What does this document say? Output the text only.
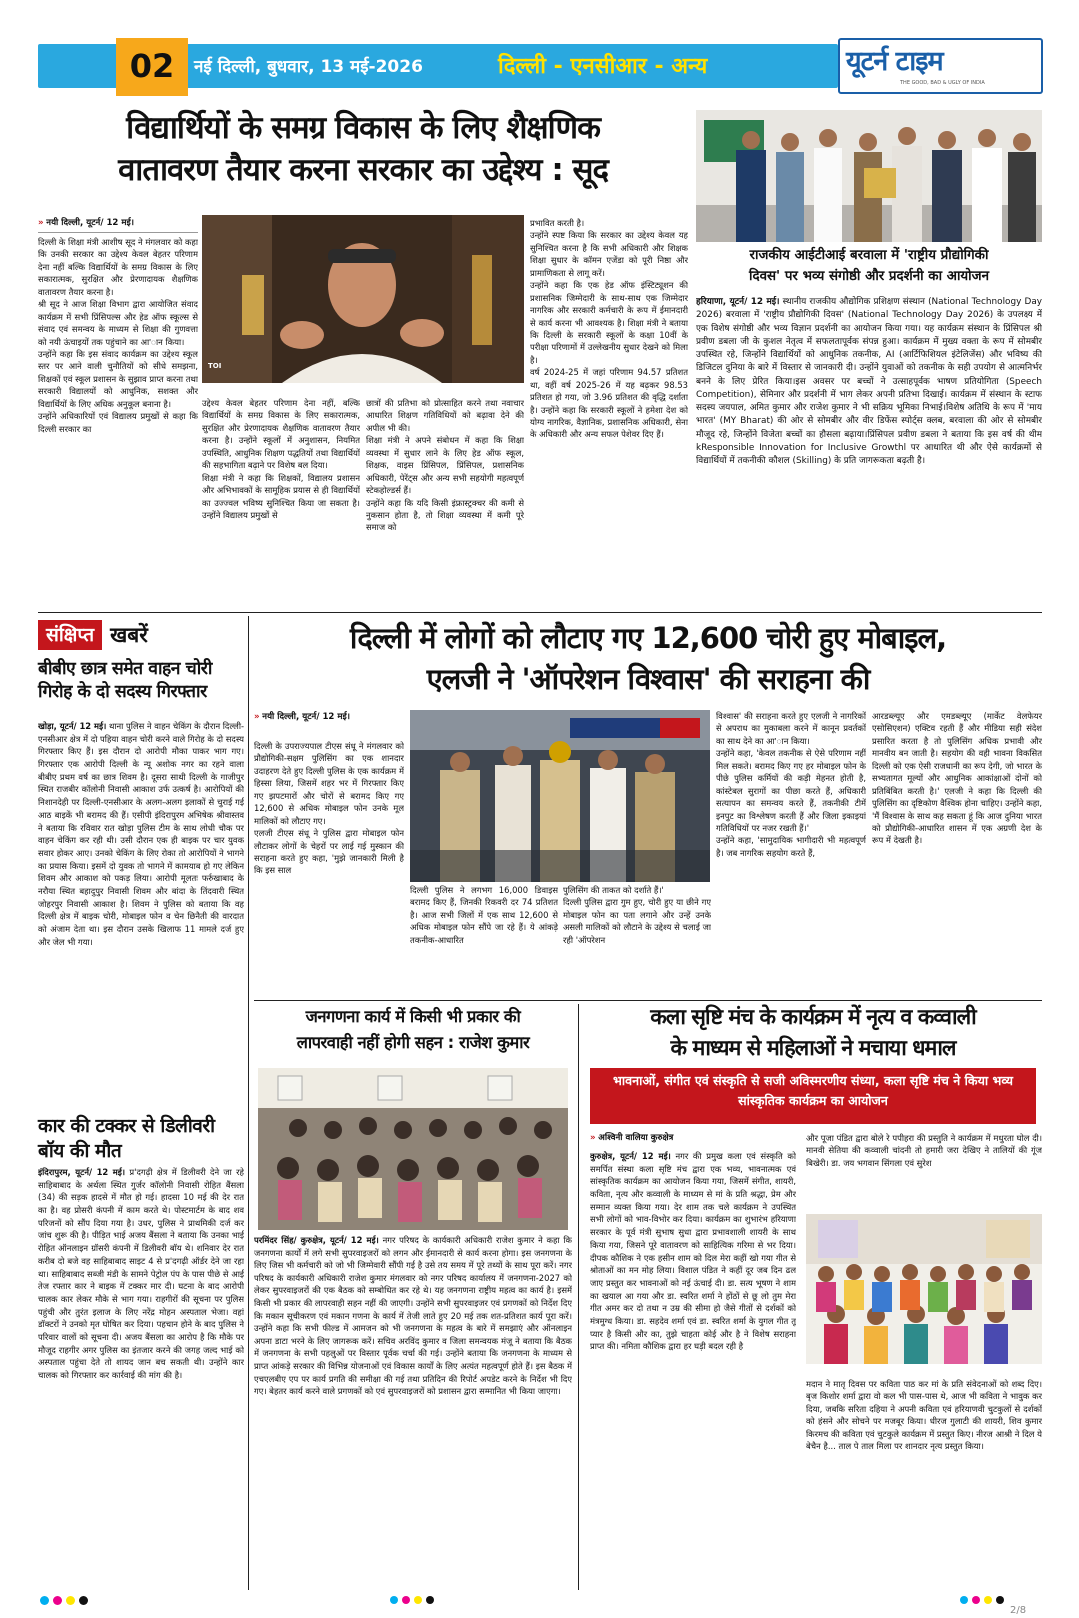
02 नई दिल्ली, बुधवार, 13 मई-2026	दिल्ली - एनसीआर - अन्य	यूटर्न टाइम
THE GOOD, BAD & UGLY OF INDIA
विद्यार्थियों के समग्र विकास के लिए शैक्षणिक
वातावरण तैयार करना सरकार का उद्देश्य : सूद
» नयी दिल्ली, यूटर्न/ 12 मई।
दिल्ली के शिक्षा मंत्री आशीष सूद ने मंगलवार को कहा कि उनकी सरकार का उद्देश्य केवल बेहतर परिणाम देना नहीं बल्कि विद्यार्थियों के समग्र विकास के लिए सकारात्मक, सुरक्षित और प्रेरणादायक शैक्षणिक वातावरण तैयार करना है।
श्री सूद ने आज शिक्षा विभाग द्वारा आयोजित संवाद कार्यक्रम में सभी प्रिंसिपल्स और हेड ऑफ स्कूल्स से संवाद एवं समन्वय के माध्यम से शिक्षा की गुणवत्ता को नयी ऊंचाइयों तक पहुंचाने का आ'ान किया।
उन्होंने कहा कि इस संवाद कार्यक्रम का उद्देश्य स्कूल स्तर पर आने वाली चुनौतियों को सीधे समझना, शिक्षकों एवं स्कूल प्रशासन के सुझाव प्राप्त करना तथा सरकारी विद्यालयों को आधुनिक, सशक्त और विद्यार्थियों के लिए अधिक अनुकूल बनाना है।
उन्होंने अधिकारियों एवं विद्यालय प्रमुखों से कहा कि दिल्ली सरकार का
TOI
उद्देश्य केवल बेहतर परिणाम देना नहीं, बल्कि विद्यार्थियों के समग्र विकास के लिए सकारात्मक, सुरक्षित और प्रेरणादायक शैक्षणिक वातावरण तैयार करना है। उन्होंने स्कूलों में अनुशासन, नियमित उपस्थिति, आधुनिक शिक्षण पद्धतियों तथा विद्यार्थियों की सहभागिता बढ़ाने पर विशेष बल दिया।
शिक्षा मंत्री ने कहा कि शिक्षकों, विद्यालय प्रशासन और अभिभावकों के सामूहिक प्रयास से ही विद्यार्थियों का उज्ज्वल भविष्य सुनिश्चित किया जा सकता है। उन्होंने विद्यालय प्रमुखों से
छात्रों की प्रतिभा को प्रोत्साहित करने तथा नवाचार आधारित शिक्षण गतिविधियों को बढ़ावा देने की अपील भी की।
शिक्षा मंत्री ने अपने संबोधन में कहा कि शिक्षा व्यवस्था में सुधार लाने के लिए हेड ऑफ स्कूल, शिक्षक, वाइस प्रिंसिपल, प्रिंसिपल, प्रशासनिक अधिकारी, पेरेंट्स और अन्य सभी सहयोगी महत्वपूर्ण स्टेकहोल्डर्स हैं।
उन्होंने कहा कि यदि किसी इंफ्रास्ट्रक्चर की कमी से नुकसान होता है, तो शिक्षा व्यवस्था में कमी पूरे समाज को
प्रभावित करती है।
उन्होंने स्पष्ट किया कि सरकार का उद्देश्य केवल यह सुनिश्चित करना है कि सभी अधिकारी और शिक्षक शिक्षा सुधार के कॉमन एजेंडा को पूरी निष्ठा और प्रामाणिकता से लागू करें।
उन्होंने कहा कि एक हेड ऑफ इंस्टिट्यूशन की प्रशासनिक जिम्मेदारी के साथ-साथ एक जिम्मेदार नागरिक और सरकारी कर्मचारी के रूप में ईमानदारी से कार्य करना भी आवश्यक है। शिक्षा मंत्री ने बताया कि दिल्ली के सरकारी स्कूलों के कक्षा 10वीं के परीक्षा परिणामों में उल्लेखनीय सुधार देखने को मिला है।
वर्ष 2024-25 में जहां परिणाम 94.57 प्रतिशत था, वहीं वर्ष 2025-26 में यह बढ़कर 98.53 प्रतिशत हो गया, जो 3.96 प्रतिशत की वृद्धि दर्शाता है। उन्होंने कहा कि सरकारी स्कूलों ने हमेशा देश को योग्य नागरिक, वैज्ञानिक, प्रशासनिक अधिकारी, सेना के अधिकारी और अन्य सफल पेशेवर दिए हैं।
राजकीय आईटीआई बरवाला में 'राष्ट्रीय प्रौद्योगिकी
दिवस' पर भव्य संगोष्ठी और प्रदर्शनी का आयोजन
हरियाणा, यूटर्न/ 12 मई। स्थानीय राजकीय औद्योगिक प्रशिक्षण संस्थान (National Technology Day 2026) बरवाला में 'राष्ट्रीय प्रौद्योगिकी दिवस' (National Technology Day 2026) के उपलक्ष्य में एक विशेष संगोष्ठी और भव्य विज्ञान प्रदर्शनी का आयोजन किया गया। यह कार्यक्रम संस्थान के प्रिंसिपल श्री प्रवीण डबला जी के कुशल नेतृत्व में सफलतापूर्वक संपन्न हुआ। कार्यक्रम में मुख्य वक्ता के रूप में सोमबीर उपस्थित रहे, जिन्होंने विद्यार्थियों को आधुनिक तकनीक, AI (आर्टिफिशियल इंटेलिजेंस) और भविष्य की डिजिटल दुनिया के बारे में विस्तार से जानकारी दी। उन्होंने युवाओं को तकनीक के सही उपयोग से आत्मनिर्भर बनने के लिए प्रेरित किया।इस अवसर पर बच्चों ने उत्साहपूर्वक भाषण प्रतियोगिता (Speech Competition), सेमिनार और प्रदर्शनी में भाग लेकर अपनी प्रतिभा दिखाई। कार्यक्रम में संस्थान के स्टाफ सदस्य जयपाल, अमित कुमार और राजेश कुमार ने भी सक्रिय भूमिका निभाई।विशेष अतिथि के रूप में 'माय भारत' (MY Bharat) की ओर से सोमबीर और वीर डिफेंस स्पोर्ट्स क्लब, बरवाला की ओर से सोमबीर मौजूद रहे, जिन्होंने विजेता बच्चों का हौसला बढ़ाया।प्रिंसिपल प्रवीण डबला ने बताया कि इस वर्ष की थीम kResponsible Innovation for Inclusive Growthl पर आधारित थी और ऐसे कार्यक्रमों से विद्यार्थियों में तकनीकी कौशल (Skilling) के प्रति जागरूकता बढ़ती है।
संक्षिप्त खबरें
बीबीए छात्र समेत वाहन चोरी गिरोह के दो सदस्य गिरफ्तार
खोड़ा, यूटर्न/ 12 मई। थाना पुलिस ने वाहन चेकिंग के दौरान दिल्ली-एनसीआर क्षेत्र में दो पहिया वाहन चोरी करने वाले गिरोह के दो सदस्य गिरफ्तार किए हैं। इस दौरान दो आरोपी मौका पाकर भाग गए। गिरफ्तार एक आरोपी दिल्ली के न्यू अशोक नगर का रहने वाला बीबीए प्रथम वर्ष का छात्र शिवम है। दूसरा साथी दिल्ली के गाजीपुर स्थित राजबीर कॉलोनी निवासी आकाश उर्फ उत्कर्ष है। आरोपियों की निशानदेही पर दिल्ली-एनसीआर के अलग-अलग इलाकों से चुराई गई आठ बाइकें भी बरामद की हैं। एसीपी इंदिरापुरम अभिषेक श्रीवास्तव ने बताया कि रविवार रात खोड़ा पुलिस टीम के साथ लोधी चौक पर वाहन चेकिंग कर रही थी। उसी दौरान एक ही बाइक पर चार युवक सवार होकर आए। उनको चेकिंग के लिए रोका तो आरोपियों ने भागने का प्रयास किया। इसमें दो युवक तो भागने में कामयाब हो गए लेकिन शिवम और आकाश को पकड़ लिया। आरोपी मूलतः फर्रुखाबाद के नरौया स्थित बहादुपुर निवासी शिवम और बांदा के तिंदवारी स्थित जोहरपुर निवासी आकाश है। शिवम ने पुलिस को बताया कि वह दिल्ली क्षेत्र में बाइक चोरी, मोबाइल फोन व चेन छिनैती की वारदात को अंजाम देता था। इस दौरान उसके खिलाफ 11 मामले दर्ज हुए और जेल भी गया।
कार की टक्कर से डिलीवरी बॉय की मौत
इंदिरापुरम, यूटर्न/ 12 मई। प्र'दगढ़ी क्षेत्र में डिलीवरी देने जा रहे साहिबाबाद के अर्थला स्थित गुर्जर कॉलोनी निवासी रोहित बैंसला (34) की सड़क हादसे में मौत हो गई। हादसा 10 मई की देर रात का है। वह प्रोसरी कंपनी में काम करते थे। पोस्टमार्टम के बाद शव परिजनों को सौंप दिया गया है। उधर, पुलिस ने प्राथमिकी दर्ज कर जांच शुरू की है। पीड़ित भाई अजय बैंसला ने बताया कि उनका भाई रोहित ऑनलाइन ग्रॉसरी कंपनी में डिलीवरी बॉय थे। शनिवार देर रात करीब दो बजे वह साहिबाबाद साइट 4 से प्र'दगढ़ी ऑर्डर देने जा रहा था। साहिबाबाद सब्जी मंडी के सामने पेट्रोल पंप के पास पीछे से आई तेज रफ्तार कार ने बाइक में टक्कर मार दी। घटना के बाद आरोपी चालक कार लेकर मौके से भाग गया। राहगीरों की सूचना पर पुलिस पहुंची और तुरंत इलाज के लिए नरेंद्र मोहन अस्पताल भेजा। वहां डॉक्टरों ने उनको मृत घोषित कर दिया। पहचान होने के बाद पुलिस ने परिवार वालों को सूचना दी। अजय बैंसला का आरोप है कि मौके पर मौजूद राहगीर अगर पुलिस का इंतजार करने की जगह जल्द भाई को अस्पताल पहुंचा देते तो शायद जान बच सकती थी। उन्होंने कार चालक को गिरफ्तार कर कार्रवाई की मांग की है।
दिल्ली में लोगों को लौटाए गए 12,600 चोरी हुए मोबाइल,
एलजी ने 'ऑपरेशन विश्वास' की सराहना की
» नयी दिल्ली, यूटर्न/ 12 मई।
दिल्ली के उपराज्यपाल टीएस संधू ने मंगलवार को प्रौद्योगिकी-सक्षम पुलिसिंग का एक शानदार उदाहरण देते हुए दिल्ली पुलिस के एक कार्यक्रम में हिस्सा लिया, जिसमें शहर भर में गिरफ्तार किए गए झपटमारों और चोरों से बरामद किए गए 12,600 से अधिक मोबाइल फोन उनके मूल मालिकों को लौटाए गए।
एलजी टीएस संधू ने पुलिस द्वारा मोबाइल फोन लौटाकर लोगों के चेहरों पर लाई गई मुस्कान की सराहना करते हुए कहा, 'मुझे जानकारी मिली है कि इस साल
दिल्ली पुलिस ने लगभग 16,000 डिवाइस बरामद किए हैं, जिनकी रिकवरी दर 74 प्रतिशत है। आज सभी जिलों में एक साथ 12,600 से अधिक मोबाइल फोन सौंपे जा रहे हैं। ये आंकड़े तकनीक-आधारित
पुलिसिंग की ताकत को दर्शाते हैं।'
दिल्ली पुलिस द्वारा गुम हुए, चोरी हुए या छीने गए मोबाइल फोन का पता लगाने और उन्हें उनके असली मालिकों को लौटाने के उद्देश्य से चलाई जा रही 'ऑपरेशन
विश्वास' की सराहना करते हुए एलजी ने नागरिकों से अपराध का मुकाबला करने में कानून प्रवर्तकों का साथ देने का आ'ान किया।
उन्होंने कहा, 'केवल तकनीक से ऐसे परिणाम नहीं मिल सकते। बरामद किए गए हर मोबाइल फोन के पीछे पुलिस कर्मियों की कड़ी मेहनत होती है, कांस्टेबल सुरागों का पीछा करते हैं, अधिकारी सत्यापन का समन्वय करते हैं, तकनीकी टीमें इनपुट का विश्लेषण करती हैं और जिला इकाइयां गतिविधियों पर नजर रखती हैं।'
उन्होंने कहा, 'सामुदायिक भागीदारी भी महत्वपूर्ण है। जब नागरिक सहयोग करते हैं,
आरडब्ल्यूए और एमडब्ल्यूए (मार्केट वेलफेयर एसोसिएशन) एक्टिव रहती हैं और मीडिया सही संदेश प्रसारित करता है तो पुलिसिंग अधिक प्रभावी और मानवीय बन जाती है। सहयोग की वही भावना विकसित दिल्ली को एक ऐसी राजधानी का रूप देगी, जो भारत के सभ्यतागत मूल्यों और आधुनिक आकांक्षाओं दोनों को प्रतिबिंबित करती है।' एलजी ने कहा कि दिल्ली की पुलिसिंग का दृष्टिकोण वैश्विक होना चाहिए। उन्होंने कहा, 'मैं विश्वास के साथ कह सकता हूं कि आज दुनिया भारत को प्रौद्योगिकी-आधारित शासन में एक अग्रणी देश के रूप में देखती है।
जनगणना कार्य में किसी भी प्रकार की
लापरवाही नहीं होगी सहन : राजेश कुमार
परमिंदर सिंह/ कुरुक्षेत्र, यूटर्न/ 12 मई। नगर परिषद के कार्यकारी अधिकारी राजेश कुमार ने कहा कि जनगणना कार्यों में लगे सभी सुपरवाइजरों को लगन और ईमानदारी से कार्य करना होगा। इस जनगणना के लिए जिस भी कर्मचारी को जो भी जिम्मेवारी सौंपी गई है उसे तय समय में पूरे तथ्यों के साथ पूरा करें। नगर परिषद के कार्यकारी अधिकारी राजेश कुमार मंगलवार को नगर परिषद कार्यालय में जनगणना-2027 को लेकर सुपरवाइजरों की एक बैठक को सम्बोधित कर रहे थे। यह जनगणना राष्ट्रीय महत्व का कार्य है। इसमें किसी भी प्रकार की लापरवाही सहन नहीं की जाएगी। उन्होंने सभी सुपरवाइजर एवं प्रगणकों को निर्देश दिए कि मकान सूचीकरण एवं मकान गणना के कार्य में तेजी लाते हुए 20 मई तक शत-प्रतिशत कार्य पूरा करें। उन्होंने कहा कि सभी फील्ड में आमजन को भी जनगणना के महत्व के बारे में समझाएं और ऑनलाइन अपना डाटा भरने के लिए जागरूक करें। सचिव अरविंद कुमार व जिला समन्वयक मंजू ने बताया कि बैठक में जनगणना के सभी पहलुओं पर विस्तार पूर्वक चर्चा की गई। उन्होंने बताया कि जनगणना के माध्यम से प्राप्त आंकड़े सरकार की विभिन्न योजनाओं एवं विकास कार्यों के लिए अत्यंत महत्वपूर्ण होते हैं। इस बैठक में एचएलबीए एप पर कार्य प्रगति की समीक्षा की गई तथा प्रतिदिन की रिपोर्ट अपडेट करने के निर्देश भी दिए गए। बेहतर कार्य करने वाले प्रगणकों को एवं सुपरवाइजरों को प्रशासन द्वारा सम्मानित भी किया जाएगा।
कला सृष्टि मंच के कार्यक्रम में नृत्य व कव्वाली
के माध्यम से महिलाओं ने मचाया धमाल
भावनाओं, संगीत एवं संस्कृति से सजी अविस्मरणीय संध्या, कला सृष्टि मंच ने किया भव्य सांस्कृतिक कार्यक्रम का आयोजन
» अश्विनी वालिया कुरुक्षेत्र
कुरुक्षेत्र, यूटर्न/ 12 मई। नगर की प्रमुख कला एवं संस्कृति को समर्पित संस्था कला सृष्टि मंच द्वारा एक भव्य, भावनात्मक एवं सांस्कृतिक कार्यक्रम का आयोजन किया गया, जिसमें संगीत, शायरी, कविता, नृत्य और कव्वाली के माध्यम से मां के प्रति श्रद्धा, प्रेम और सम्मान व्यक्त किया गया। देर शाम तक चले कार्यक्रम ने उपस्थित सभी लोगों को भाव-विभोर कर दिया। कार्यक्रम का शुभारंभ हरियाणा सरकार के पूर्व मंत्री सुभाष सुधा द्वारा प्रभावशाली शायरी के साथ किया गया, जिसने पूरे वातावरण को साहित्यिक गरिमा से भर दिया। दीपक कौशिक ने एक हसीन शाम को दिल मेरा कहीं खो गया गीत से श्रोताओं का मन मोह लिया। विशाल पंडित ने कहीं दूर जब दिन ढल जाए प्रस्तुत कर भावनाओं को नई ऊंचाई दी। डा. सत्य भूषण ने शाम का खयाल आ गया और डा. स्वरित शर्मा ने होंठों से छू लो तुम मेरा गीत अमर कर दो तथा न उम्र की सीमा हो जैसे गीतों से दर्शकों को मंत्रमुग्ध किया। डा. सहदेव शर्मा एवं डा. स्वरित शर्मा के युगल गीत तू प्यार है किसी और का, तुझे चाहता कोई और है ने विशेष सराहना प्राप्त की। नमिता कौशिक द्वारा हर घड़ी बदल रही है
और पूजा पंडित द्वारा बोले रे पपीहरा की प्रस्तुति ने कार्यक्रम में मधुरता घोल दी। मानवी सेतिया की कव्वाली चांदनी तो हमारी जरा देखिए ने तालियों की गूंज बिखेरी। डा. जय भगवान सिंगला एवं सुरेश
मदान ने मातृ दिवस पर कविता पाठ कर मां के प्रति संवेदनाओं को शब्द दिए। बृज किशोर शर्मा द्वारा वो कल भी पास-पास थे, आज भी कविता ने भावुक कर दिया, जबकि सरिता दहिया ने अपनी कविता एवं हरियाणवी चुटकुलों से दर्शकों को हंसने और सोचने पर मजबूर किया। धीरज गुलाटी की शायरी, शिव कुमार किरमच की कविता एवं चुटकुले कार्यक्रम में प्रस्तुत किए। नीरज आश्री ने दिल ये बेचैन है... ताल पे ताल मिला पर शानदार नृत्य प्रस्तुत किया।
2/8
